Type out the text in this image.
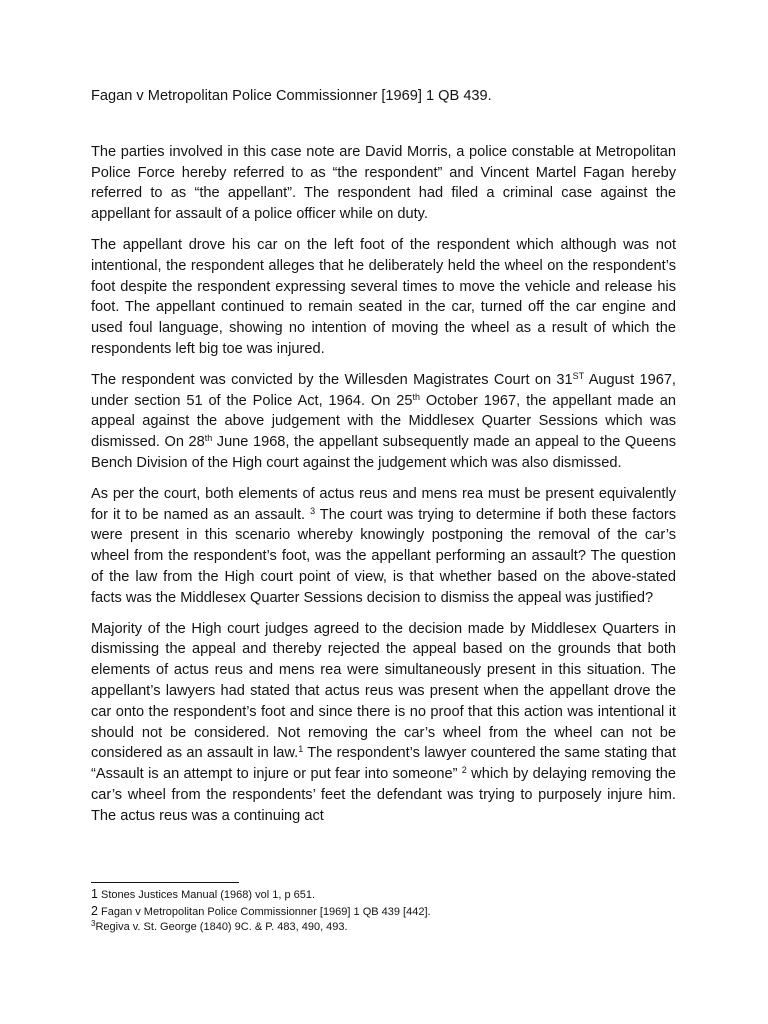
Fagan v Metropolitan Police Commissionner [1969] 1 QB 439.

The parties involved in this case note are David Morris, a police constable at Metropolitan Police Force hereby referred to as “the respondent” and Vincent Martel Fagan hereby referred to as “the appellant”. The respondent had filed a criminal case against the appellant for assault of a police officer while on duty.

The appellant drove his car on the left foot of the respondent which although was not intentional, the respondent alleges that he deliberately held the wheel on the respondent’s foot despite the respondent expressing several times to move the vehicle and release his foot. The appellant continued to remain seated in the car, turned off the car engine and used foul language, showing no intention of moving the wheel as a result of which the respondents left big toe was injured.

The respondent was convicted by the Willesden Magistrates Court on 31ST August 1967, under section 51 of the Police Act, 1964. On 25th October 1967, the appellant made an appeal against the above judgement with the Middlesex Quarter Sessions which was dismissed. On 28th June 1968, the appellant subsequently made an appeal to the Queens Bench Division of the High court against the judgement which was also dismissed.

As per the court, both elements of actus reus and mens rea must be present equivalently for it to be named as an assault. $^3$ The court was trying to determine if both these factors were present in this scenario whereby knowingly postponing the removal of the car’s wheel from the respondent’s foot, was the appellant performing an assault? The question of the law from the High court point of view, is that whether based on the above-stated facts was the Middlesex Quarter Sessions decision to dismiss the appeal was justified?

Majority of the High court judges agreed to the decision made by Middlesex Quarters in dismissing the appeal and thereby rejected the appeal based on the grounds that both elements of actus reus and mens rea were simultaneously present in this situation. The appellant’s lawyers had stated that actus reus was present when the appellant drove the car onto the respondent’s foot and since there is no proof that this action was intentional it should not be considered. Not removing the car’s wheel from the wheel can not be considered as an assault in law.$^1$ The respondent’s lawyer countered the same stating that “Assault is an attempt to injure or put fear into someone” $^2$ which by delaying removing the car’s wheel from the respondents’ feet the defendant was trying to purposely injure him. The actus reus was a continuing act

1 Stones Justices Manual (1968) vol 1, p 651.

2 Fagan v Metropolitan Police Commissionner [1969] 1 QB 439 [442].

$^3$Regiva v. St. George (1840) 9C. & P. 483, 490, 493.
